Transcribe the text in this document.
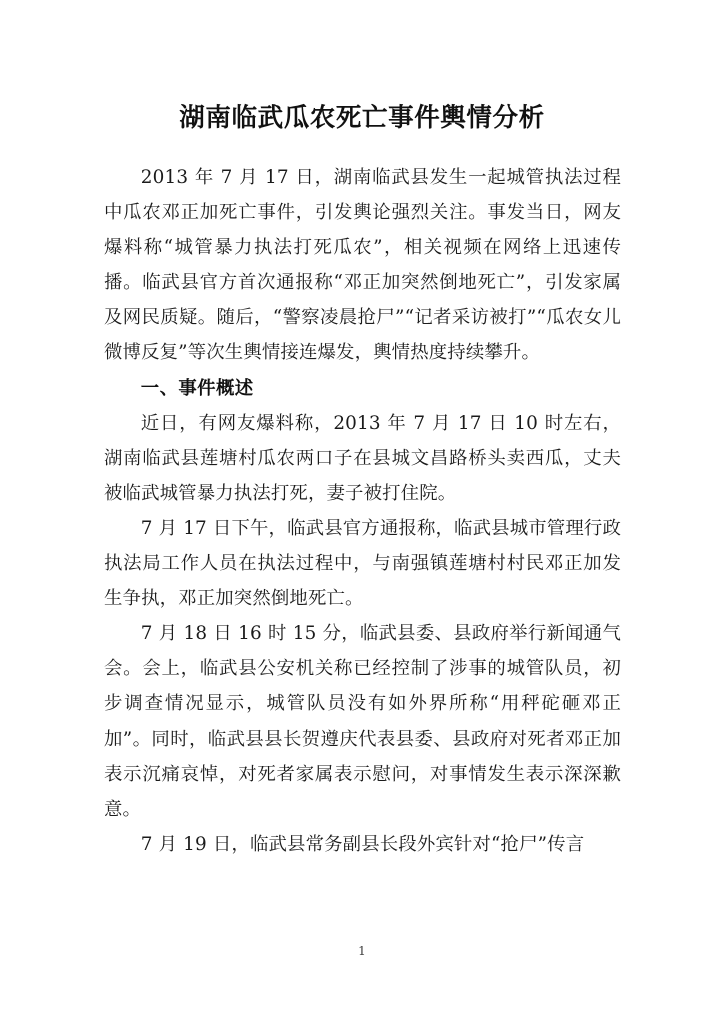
湖南临武瓜农死亡事件輿情分析

2013 年 7 月 17 日，湖南临武县发生一起城管执法过程中瓜农邓正加死亡事件，引发輿论强烈关注。事发当日，网友爆料称“城管暴力执法打死瓜农”，相关视频在网络上迅速传播。临武县官方首次通报称“邓正加突然倒地死亡”，引发家属及网民质疑。随后，“警察凌晨抢尸”“记者采访被打”“瓜农女儿微博反复”等次生輿情接连爆发，輿情热度持续攀升。

一、事件概述

近日，有网友爆料称，2013 年 7 月 17 日 10 时左右，湖南临武县莲塘村瓜农两口子在县城文昌路桥头卖西瓜，丈夫被临武城管暴力执法打死，妻子被打住院。

7 月 17 日下午，临武县官方通报称，临武县城市管理行政执法局工作人员在执法过程中，与南强镇莲塘村村民邓正加发生争执，邓正加突然倒地死亡。

7 月 18 日 16 时 15 分，临武县委、县政府举行新闻通气会。会上，临武县公安机关称已经控制了涉事的城管队员，初步调查情况显示，城管队员没有如外界所称“用秤砣砸邓正加”。同时，临武县县长贺遵庆代表县委、县政府对死者邓正加表示沉痛哀悼，对死者家属表示慰问，对事情发生表示深深歉意。

7 月 19 日，临武县常务副县长段外宾针对“抢尸”传言

1
